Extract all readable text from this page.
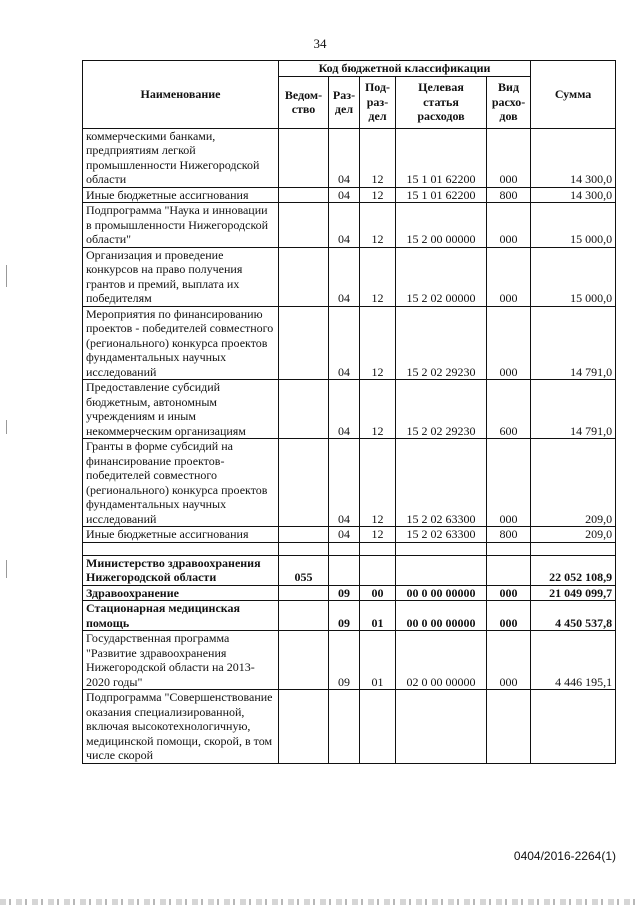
34
Наименование	Код бюджетной классификации					Сумма
	Ведом-ство	Раз-дел	Под-раз-дел	Целевая статья расходов	Вид расхо-дов	
коммерческими банками, предприятиям легкой промышленности Нижегородской области		04	12	15 1 01 62200	000	14 300,0
Иные бюджетные ассигнования		04	12	15 1 01 62200	800	14 300,0
Подпрограмма "Наука и инновации в промышленности Нижегородской области"		04	12	15 2 00 00000	000	15 000,0
Организация и проведение конкурсов на право получения грантов и премий, выплата их победителям		04	12	15 2 02 00000	000	15 000,0
Мероприятия по финансированию проектов - победителей совместного (регионального) конкурса проектов фундаментальных научных исследований		04	12	15 2 02 29230	000	14 791,0
Предоставление субсидий бюджетным, автономным учреждениям и иным некоммерческим организациям		04	12	15 2 02 29230	600	14 791,0
Гранты в форме субсидий на финансирование проектов-победителей совместного (регионального) конкурса проектов фундаментальных научных исследований		04	12	15 2 02 63300	000	209,0
Иные бюджетные ассигнования		04	12	15 2 02 63300	800	209,0

Министерство здравоохранения Нижегородской области	055					22 052 108,9
Здравоохранение		09	00	00 0 00 00000	000	21 049 099,7
Стационарная медицинская помощь		09	01	00 0 00 00000	000	4 450 537,8
Государственная программа "Развитие здравоохранения Нижегородской области на 2013-2020 годы"		09	01	02 0 00 00000	000	4 446 195,1
Подпрограмма "Совершенствование оказания специализированной, включая высокотехнологичную, медицинской помощи, скорой, в том числе скорой						
0404/2016-2264(1)
